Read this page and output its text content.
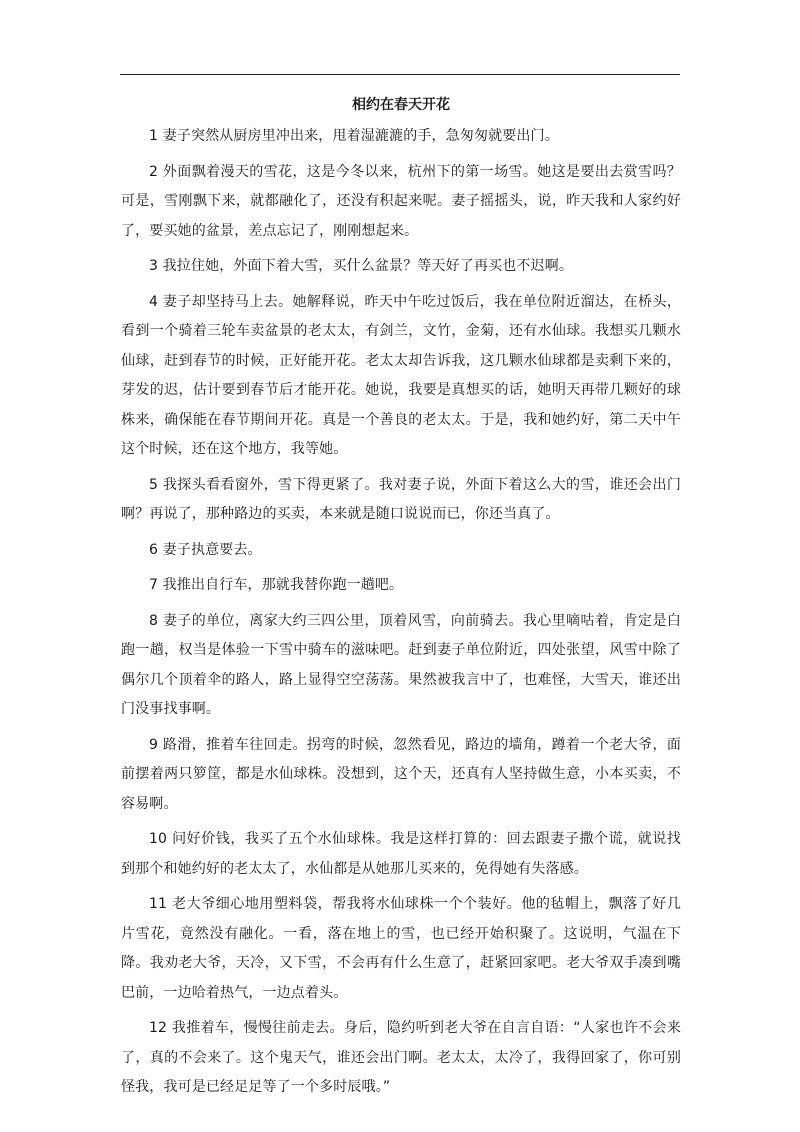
相约在春天开花

1 妻子突然从厨房里冲出来，甩着湿漉漉的手，急匆匆就要出门。

2 外面飘着漫天的雪花，这是今冬以来，杭州下的第一场雪。她这是要出去赏雪吗？可是，雪刚飘下来，就都融化了，还没有积起来呢。妻子摇摇头，说，昨天我和人家约好了，要买她的盆景，差点忘记了，刚刚想起来。

3 我拉住她，外面下着大雪，买什么盆景？等天好了再买也不迟啊。

4 妻子却坚持马上去。她解释说，昨天中午吃过饭后，我在单位附近溜达，在桥头，看到一个骑着三轮车卖盆景的老太太，有剑兰，文竹，金菊，还有水仙球。我想买几颗水仙球，赶到春节的时候，正好能开花。老太太却告诉我，这几颗水仙球都是卖剩下来的，芽发的迟，估计要到春节后才能开花。她说，我要是真想买的话，她明天再带几颗好的球株来，确保能在春节期间开花。真是一个善良的老太太。于是，我和她约好，第二天中午这个时候，还在这个地方，我等她。

5 我探头看看窗外，雪下得更紧了。我对妻子说，外面下着这么大的雪，谁还会出门啊？再说了，那种路边的买卖，本来就是随口说说而已，你还当真了。

6 妻子执意要去。

7 我推出自行车，那就我替你跑一趟吧。

8 妻子的单位，离家大约三四公里，顶着风雪，向前骑去。我心里嘀咕着，肯定是白跑一趟，权当是体验一下雪中骑车的滋味吧。赶到妻子单位附近，四处张望，风雪中除了偶尔几个顶着伞的路人，路上显得空空荡荡。果然被我言中了，也难怪，大雪天，谁还出门没事找事啊。

9 路滑，推着车往回走。拐弯的时候，忽然看见，路边的墙角，蹲着一个老大爷，面前摆着两只箩筐，都是水仙球株。没想到，这个天，还真有人坚持做生意，小本买卖，不容易啊。

10 问好价钱，我买了五个水仙球株。我是这样打算的：回去跟妻子撒个谎，就说找到那个和她约好的老太太了，水仙都是从她那儿买来的，免得她有失落感。

11 老大爷细心地用塑料袋，帮我将水仙球株一个个装好。他的毡帽上，飘落了好几片雪花，竟然没有融化。一看，落在地上的雪，也已经开始积聚了。这说明，气温在下降。我劝老大爷，天冷，又下雪，不会再有什么生意了，赶紧回家吧。老大爷双手凑到嘴巴前，一边哈着热气，一边点着头。

12 我推着车，慢慢往前走去。身后，隐约听到老大爷在自言自语：“人家也许不会来了，真的不会来了。这个鬼天气，谁还会出门啊。老太太，太冷了，我得回家了，你可别怪我，我可是已经足足等了一个多时辰哦。”
